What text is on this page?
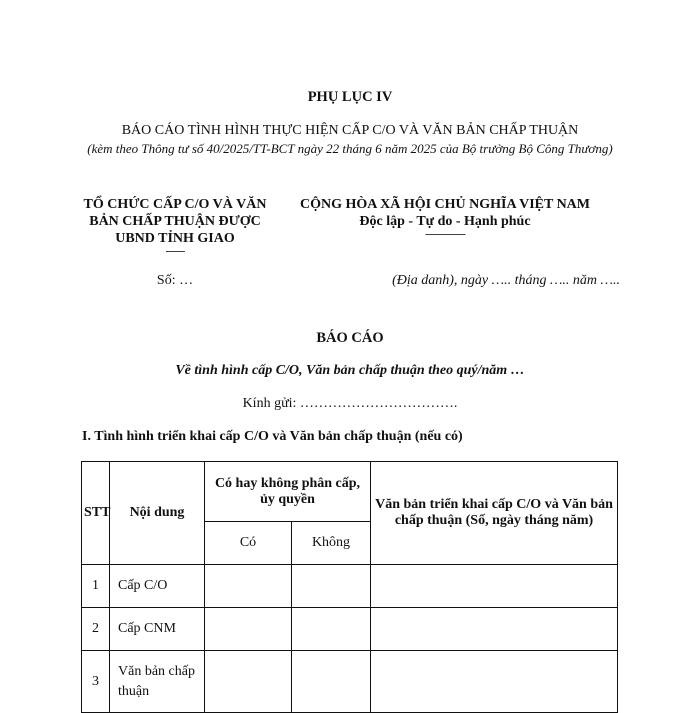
PHỤ LỤC IV
BÁO CÁO TÌNH HÌNH THỰC HIỆN CẤP C/O VÀ VĂN BẢN CHẤP THUẬN
(kèm theo Thông tư số 40/2025/TT-BCT ngày 22 tháng 6 năm 2025 của Bộ trưởng Bộ Công Thương)
TỔ CHỨC CẤP C/O VÀ VĂN BẢN CHẤP THUẬN ĐƯỢC UBND TỈNH GIAO
-------
CỘNG HÒA XÃ HỘI CHỦ NGHĨA VIỆT NAM
Độc lập - Tự do - Hạnh phúc
---------------
Số: …	(Địa danh), ngày ….. tháng ….. năm …..
BÁO CÁO
Về tình hình cấp C/O, Văn bản chấp thuận theo quý/năm …
Kính gửi: …………………………….
I. Tình hình triển khai cấp C/O và Văn bản chấp thuận (nếu có)
STT	Nội dung	Có hay không phân cấp, ủy quyền		Văn bản triển khai cấp C/O và Văn bản chấp thuận (Số, ngày tháng năm)
		Có	Không	
1	Cấp C/O			
2	Cấp CNM			
3	Văn bản chấp thuận			
